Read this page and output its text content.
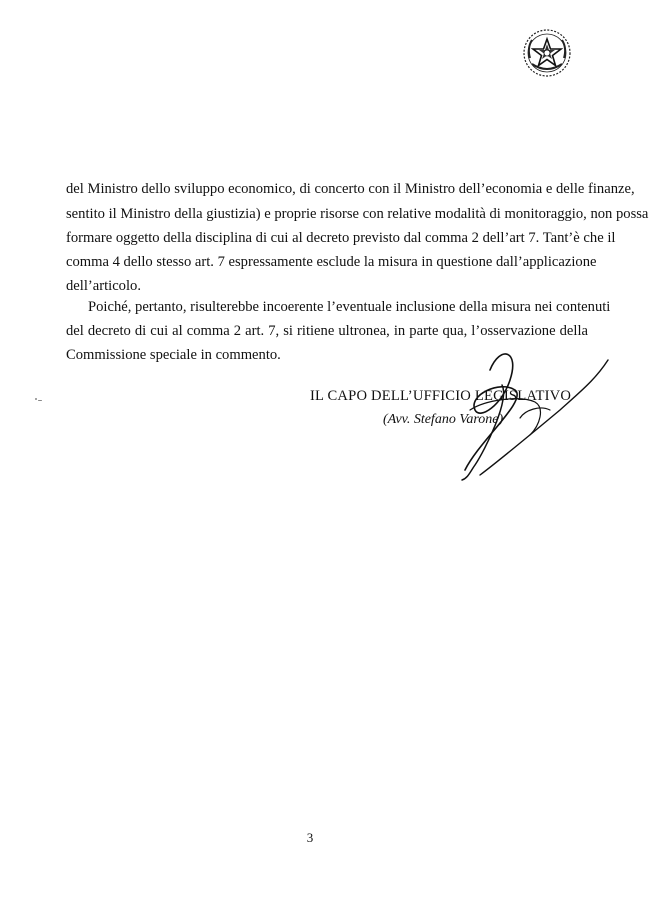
del Ministro dello sviluppo economico, di concerto con il Ministro dell’economia e delle finanze,
sentito il Ministro della giustizia) e proprie risorse con relative modalità di monitoraggio, non possa
formare oggetto della disciplina di cui al decreto previsto dal comma 2 dell’art 7. Tant’è che il
comma 4 dello stesso art. 7 espressamente esclude la misura in questione dall’applicazione
dell’articolo.
Poiché, pertanto, risulterebbe incoerente l’eventuale inclusione della misura nei contenuti
del decreto di cui al comma 2 art. 7, si ritiene ultronea, in parte qua, l’osservazione della
Commissione speciale in commento.
IL CAPO DELL’UFFICIO LEGISLATIVO
(Avv. Stefano Varone)
3
